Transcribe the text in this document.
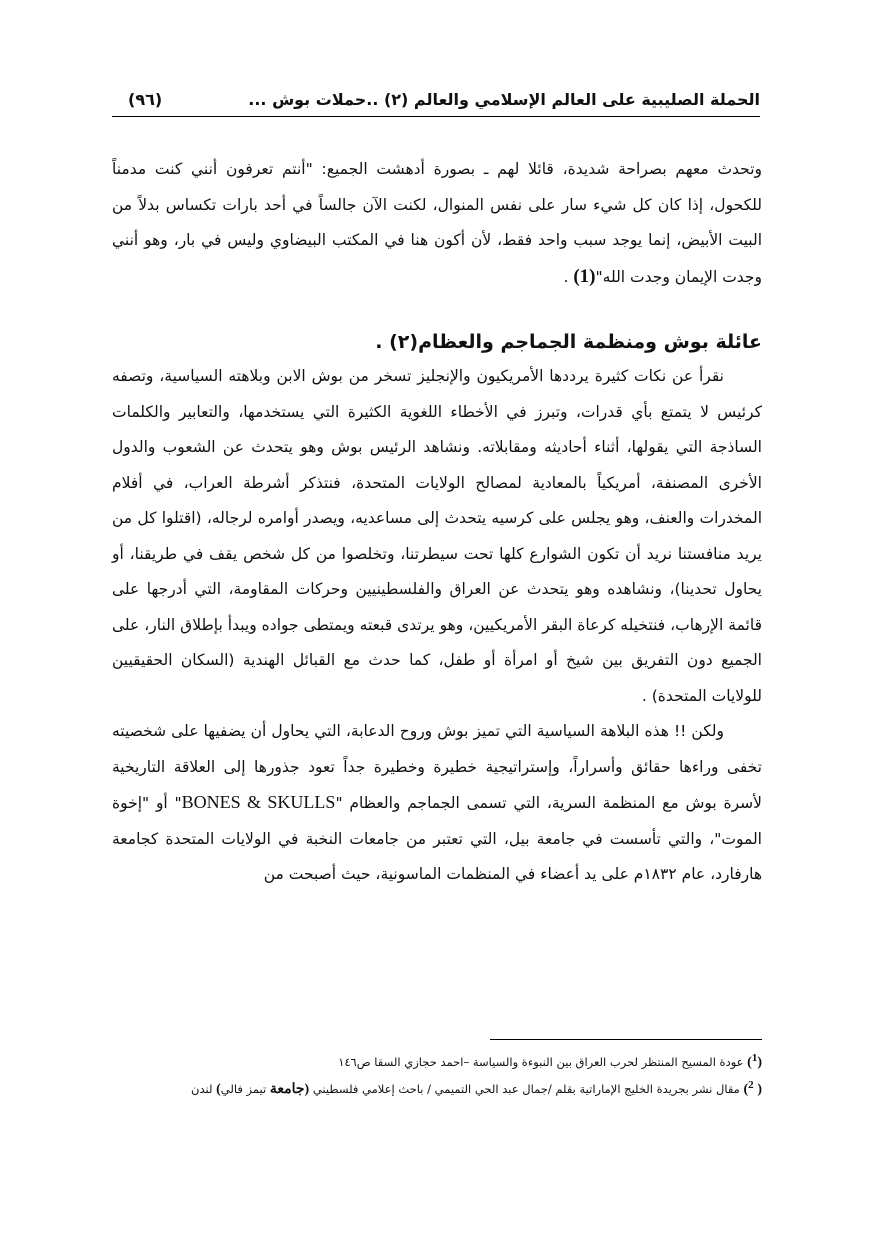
الحملة الصليبية على العالم الإسلامي والعالم (٢) ..حملات بوش ...
(٩٦)

وتحدث معهم بصراحة شديدة، قائلا لهم ـ بصورة أدهشت الجميع: "أنتم تعرفون أنني كنت مدمناً للكحول، إذا كان كل شيء سار على نفس المنوال، لكنت الآن جالساً في أحد بارات تكساس بدلاً من البيت الأبيض، إنما يوجد سبب واحد فقط، لأن أكون هنا في المكتب البيضاوي وليس في بار، وهو أنني وجدت الإيمان وجدت الله"(1) .

عائلة بوش ومنظمة الجماجم والعظام(٢) .

نقرأ عن نكات كثيرة يرددها الأمريكيون والإنجليز تسخر من بوش الابن وبلاهته السياسية، وتصفه كرئيس لا يتمتع بأي قدرات، وتبرز في الأخطاء اللغوية الكثيرة التي يستخدمها، والتعابير والكلمات الساذجة التي يقولها، أثناء أحاديثه ومقابلاته. ونشاهد الرئيس بوش وهو يتحدث عن الشعوب والدول الأخرى المصنفة، أمريكياً بالمعادية لمصالح الولايات المتحدة، فنتذكر أشرطة العراب، في أفلام المخدرات والعنف، وهو يجلس على كرسيه يتحدث إلى مساعديه، ويصدر أوامره لرجاله، (اقتلوا كل من يريد منافستنا نريد أن تكون الشوارع كلها تحت سيطرتنا، وتخلصوا من كل شخص يقف في طريقنا، أو يحاول تحدينا)، ونشاهده وهو يتحدث عن العراق والفلسطينيين وحركات المقاومة، التي أدرجها على قائمة الإرهاب، فنتخيله كرعاة البقر الأمريكيين، وهو يرتدى قبعته ويمتطى جواده ويبدأ بإطلاق النار، على الجميع دون التفريق بين شيخ أو امرأة أو طفل، كما حدث مع القبائل الهندية (السكان الحقيقيين للولايات المتحدة) .

ولكن !! هذه البلاهة السياسية التي تميز بوش وروح الدعابة، التي يحاول أن يضفيها على شخصيته تخفى وراءها حقائق وأسراراً، وإستراتيجية خطيرة وخطيرة جداً تعود جذورها إلى العلاقة التاريخية لأسرة بوش مع المنظمة السرية، التي تسمى الجماجم والعظام "BONES & SKULLS" أو "إخوة الموت"، والتي تأسست في جامعة بيل، التي تعتبر من جامعات النخبة في الولايات المتحدة كجامعة هارفارد، عام ١٨٣٢م على يد أعضاء في المنظمات الماسونية، حيث أصبحت من

($^1$) عودة المسيح المنتظر لحرب العراق بين النبوءة والسياسة –احمد حجازي السقا ص١٤٦

( $^2$) مقال نشر بجريدة الخليج الإماراتية بقلم /جمال عبد الحي التميمي / باحث إعلامي فلسطيني (جامعة تيمز فالي) لندن
